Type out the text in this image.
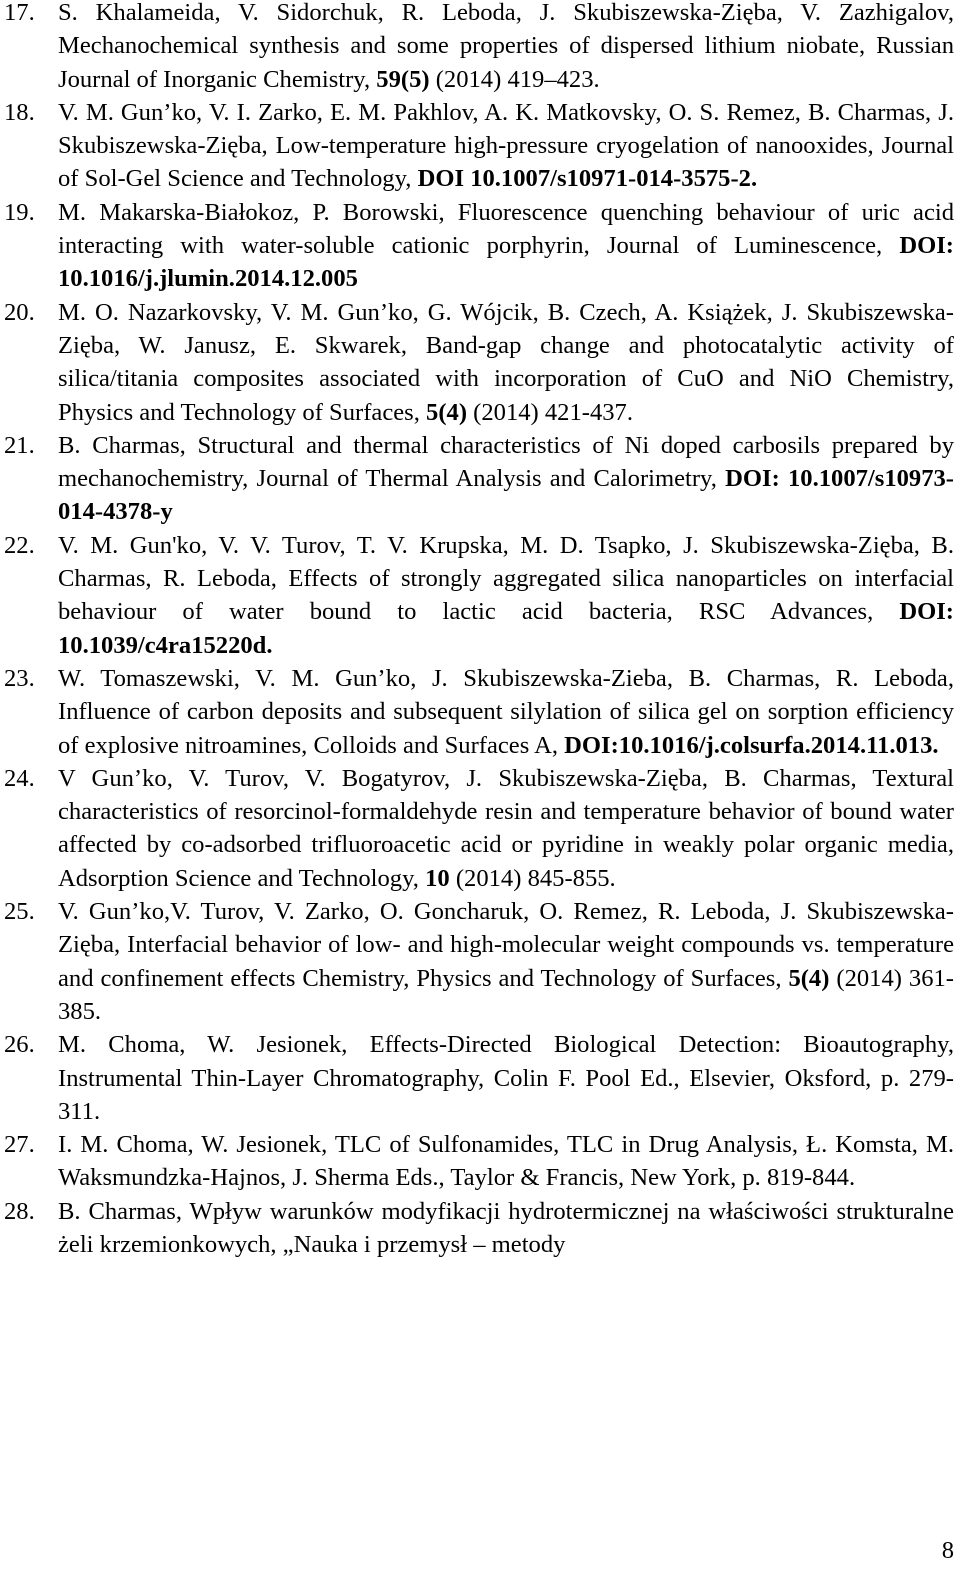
17. S. Khalameida, V. Sidorchuk, R. Leboda, J. Skubiszewska-Zięba, V. Zazhigalov, Mechanochemical synthesis and some properties of dispersed lithium niobate, Russian Journal of Inorganic Chemistry, 59(5) (2014) 419–423.
18. V. M. Gun’ko, V. I. Zarko, E. M. Pakhlov, A. K. Matkovsky, O. S. Remez, B. Charmas, J. Skubiszewska-Zięba, Low-temperature high-pressure cryogelation of nanooxides, Journal of Sol-Gel Science and Technology, DOI 10.1007/s10971-014-3575-2.
19. M. Makarska-Białokoz, P. Borowski, Fluorescence quenching behaviour of uric acid interacting with water-soluble cationic porphyrin, Journal of Luminescence, DOI: 10.1016/j.jlumin.2014.12.005
20. M. O. Nazarkovsky, V. M. Gun’ko, G. Wójcik, B. Czech, A. Książek, J. Skubiszewska-Zięba, W. Janusz, E. Skwarek, Band-gap change and photocatalytic activity of silica/titania composites associated with incorporation of CuO and NiO Chemistry, Physics and Technology of Surfaces, 5(4) (2014) 421-437.
21. B. Charmas, Structural and thermal characteristics of Ni doped carbosils prepared by mechanochemistry, Journal of Thermal Analysis and Calorimetry, DOI: 10.1007/s10973-014-4378-y
22. V. M. Gun'ko, V. V. Turov, T. V. Krupska, M. D. Tsapko, J. Skubiszewska-Zięba, B. Charmas, R. Leboda, Effects of strongly aggregated silica nanoparticles on interfacial behaviour of water bound to lactic acid bacteria, RSC Advances, DOI: 10.1039/c4ra15220d.
23. W. Tomaszewski, V. M. Gun’ko, J. Skubiszewska-Zieba, B. Charmas, R. Leboda, Influence of carbon deposits and subsequent silylation of silica gel on sorption efficiency of explosive nitroamines, Colloids and Surfaces A, DOI:10.1016/j.colsurfa.2014.11.013.
24. V Gun’ko, V. Turov, V. Bogatyrov, J. Skubiszewska-Zięba, B. Charmas, Textural characteristics of resorcinol-formaldehyde resin and temperature behavior of bound water affected by co-adsorbed trifluoroacetic acid or pyridine in weakly polar organic media, Adsorption Science and Technology, 10 (2014) 845-855.
25. V. Gun’ko,V. Turov, V. Zarko, O. Goncharuk, O. Remez, R. Leboda, J. Skubiszewska-Zięba, Interfacial behavior of low- and high-molecular weight compounds vs. temperature and confinement effects Chemistry, Physics and Technology of Surfaces, 5(4) (2014) 361-385.
26. M. Choma, W. Jesionek, Effects-Directed Biological Detection: Bioautography, Instrumental Thin-Layer Chromatography, Colin F. Pool Ed., Elsevier, Oksford, p. 279-311.
27. I. M. Choma, W. Jesionek, TLC of Sulfonamides, TLC in Drug Analysis, Ł. Komsta, M. Waksmundzka-Hajnos, J. Sherma Eds., Taylor & Francis, New York, p. 819-844.
28. B. Charmas, Wpływ warunków modyfikacji hydrotermicznej na właściwości strukturalne żeli krzemionkowych, „Nauka i przemysł – metody
8
